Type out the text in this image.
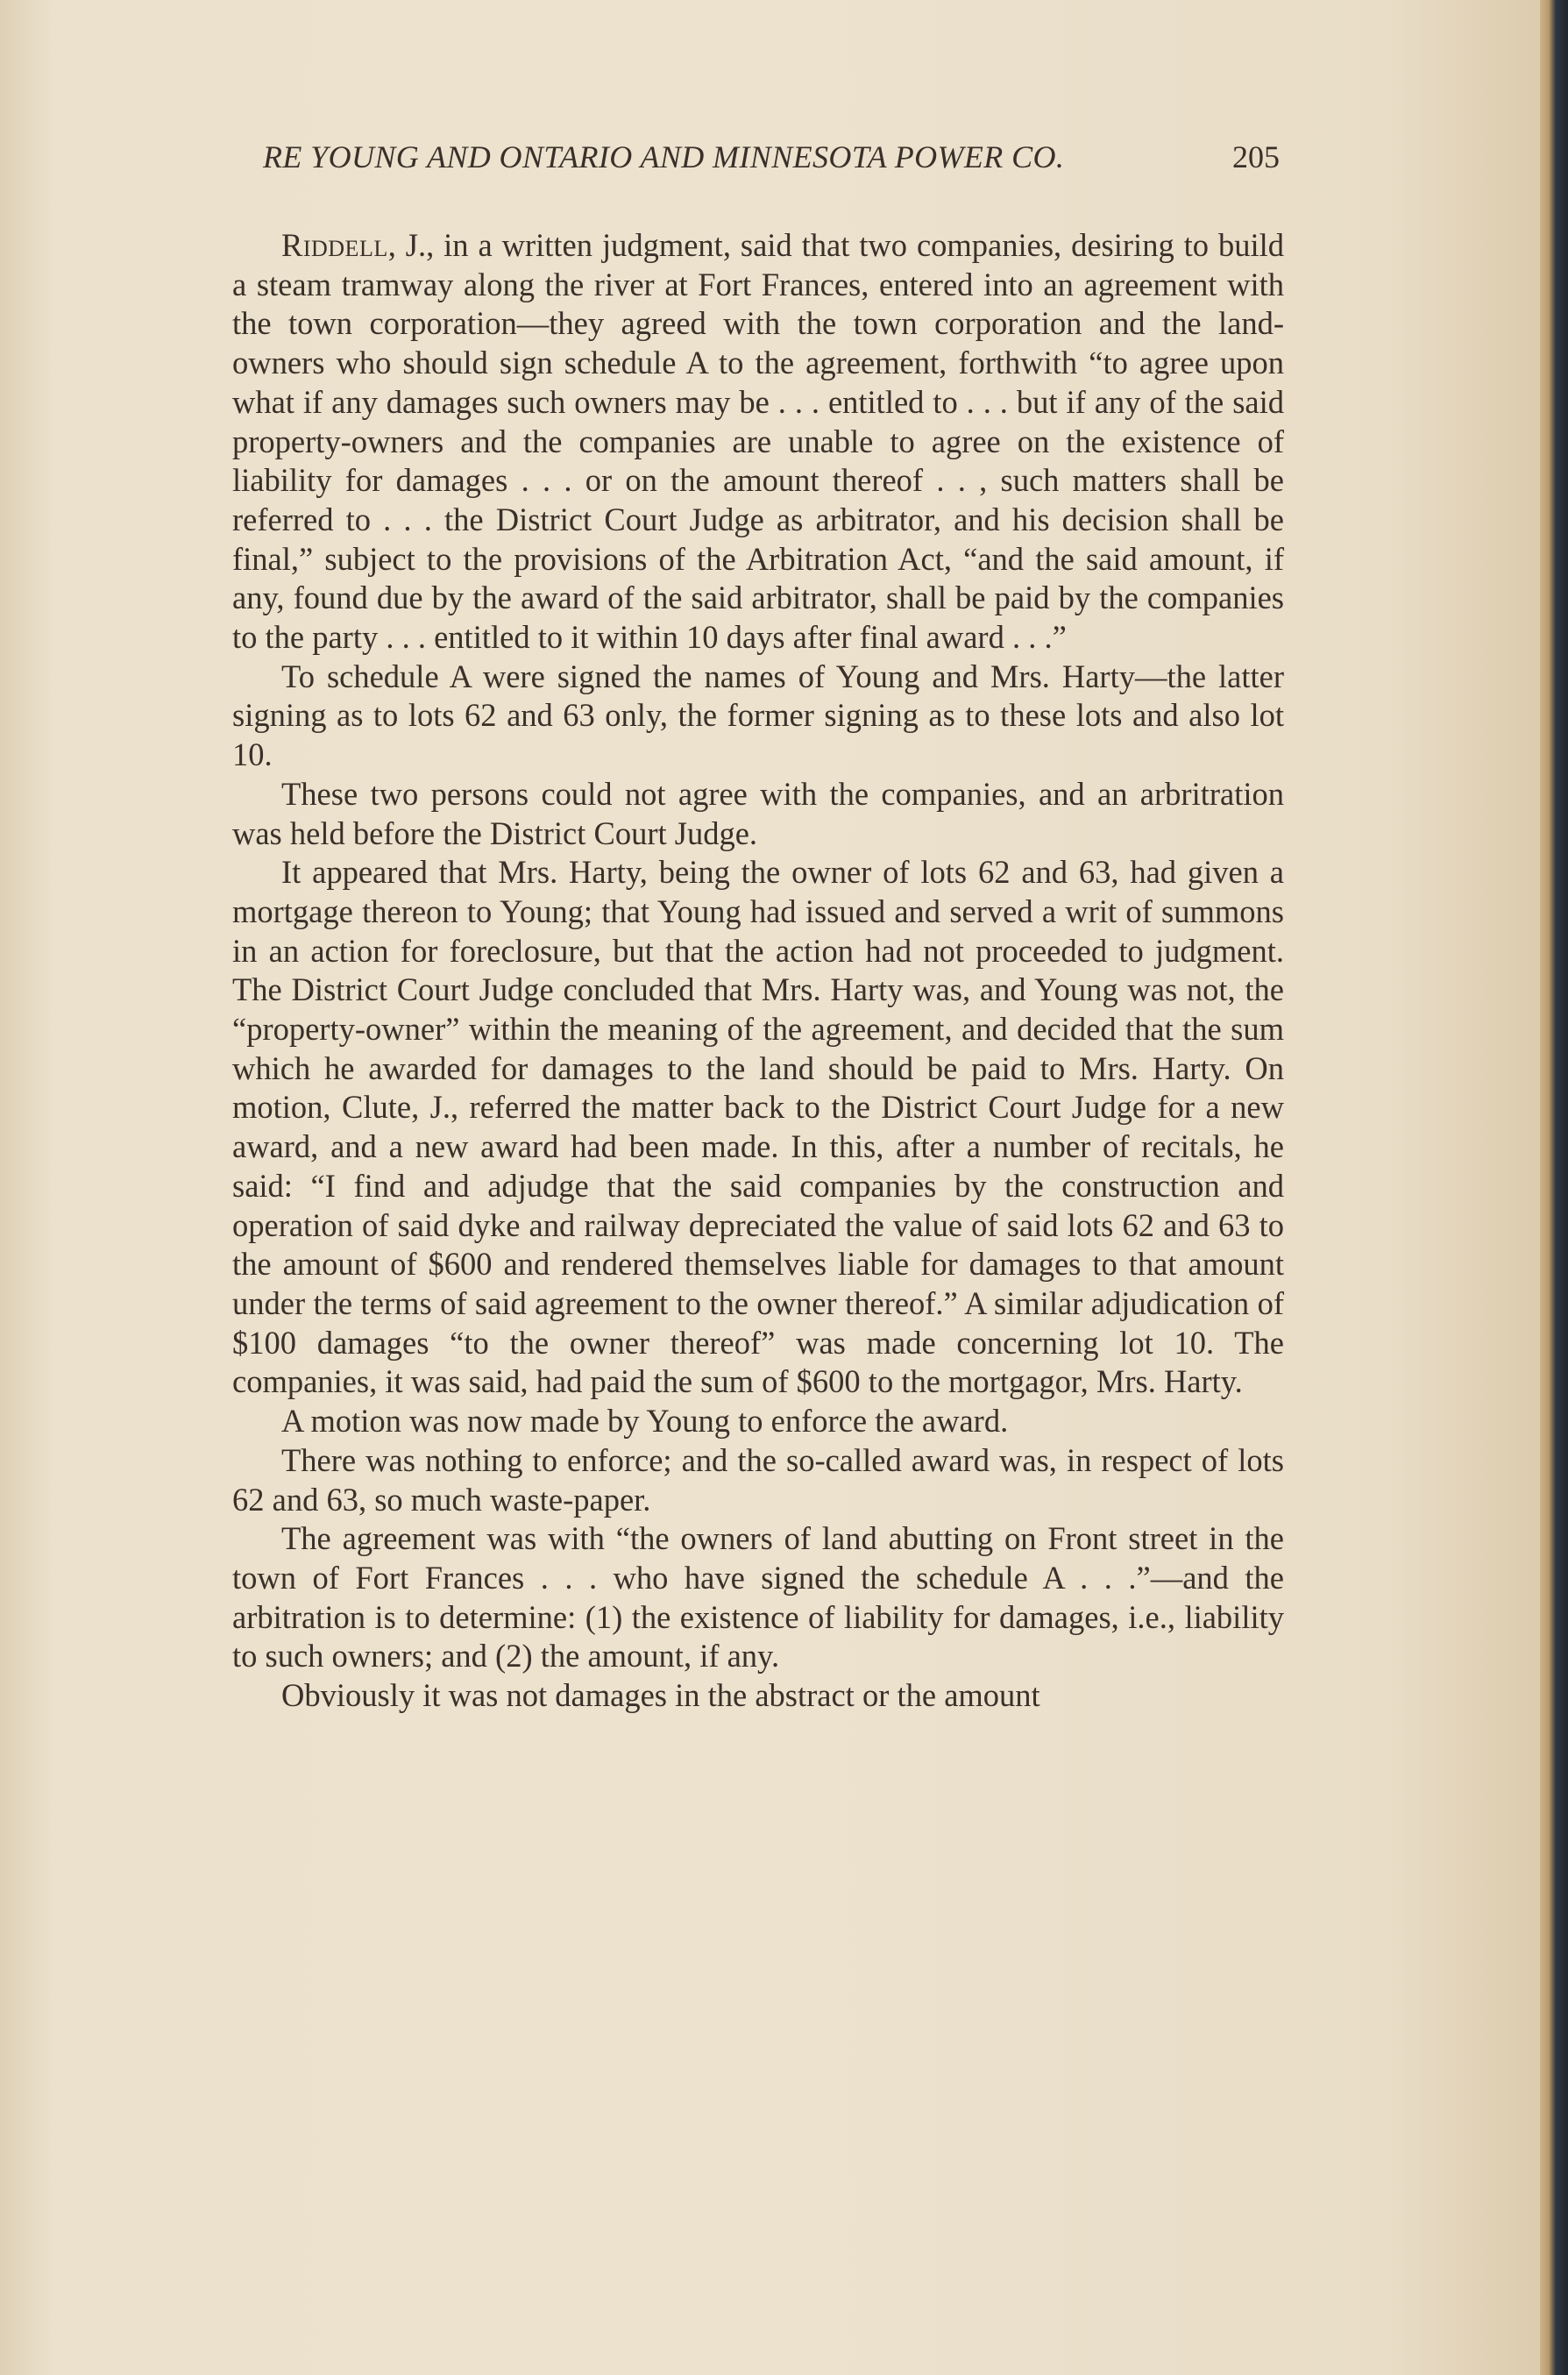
RE YOUNG AND ONTARIO AND MINNESOTA POWER CO.	205

Riddell, J., in a written judgment, said that two companies, desiring to build a steam tramway along the river at Fort Frances, entered into an agreement with the town corporation—they agreed with the town corporation and the land-owners who should sign schedule A to the agreement, forthwith “to agree upon what if any damages such owners may be . . . entitled to . . . but if any of the said property-owners and the companies are unable to agree on the existence of liability for damages . . . or on the amount thereof . . , such matters shall be referred to . . . the District Court Judge as arbitrator, and his decision shall be final,” subject to the provisions of the Arbitration Act, “and the said amount, if any, found due by the award of the said arbitrator, shall be paid by the companies to the party . . . entitled to it within 10 days after final award . . .”

To schedule A were signed the names of Young and Mrs. Harty—the latter signing as to lots 62 and 63 only, the former signing as to these lots and also lot 10.

These two persons could not agree with the companies, and an arbritration was held before the District Court Judge.

It appeared that Mrs. Harty, being the owner of lots 62 and 63, had given a mortgage thereon to Young; that Young had issued and served a writ of summons in an action for foreclosure, but that the action had not proceeded to judgment. The District Court Judge concluded that Mrs. Harty was, and Young was not, the “property-owner” within the meaning of the agreement, and decided that the sum which he awarded for damages to the land should be paid to Mrs. Harty. On motion, Clute, J., referred the matter back to the District Court Judge for a new award, and a new award had been made. In this, after a number of recitals, he said: “I find and adjudge that the said companies by the construction and operation of said dyke and railway depreciated the value of said lots 62 and 63 to the amount of $600 and rendered themselves liable for damages to that amount under the terms of said agreement to the owner thereof.” A similar adjudication of $100 damages “to the owner thereof” was made concerning lot 10. The companies, it was said, had paid the sum of $600 to the mortgagor, Mrs. Harty.

A motion was now made by Young to enforce the award.

There was nothing to enforce; and the so-called award was, in respect of lots 62 and 63, so much waste-paper.

The agreement was with “the owners of land abutting on Front street in the town of Fort Frances . . . who have signed the schedule A . . .”—and the arbitration is to determine: (1) the existence of liability for damages, i.e., liability to such owners; and (2) the amount, if any.

Obviously it was not damages in the abstract or the amount
